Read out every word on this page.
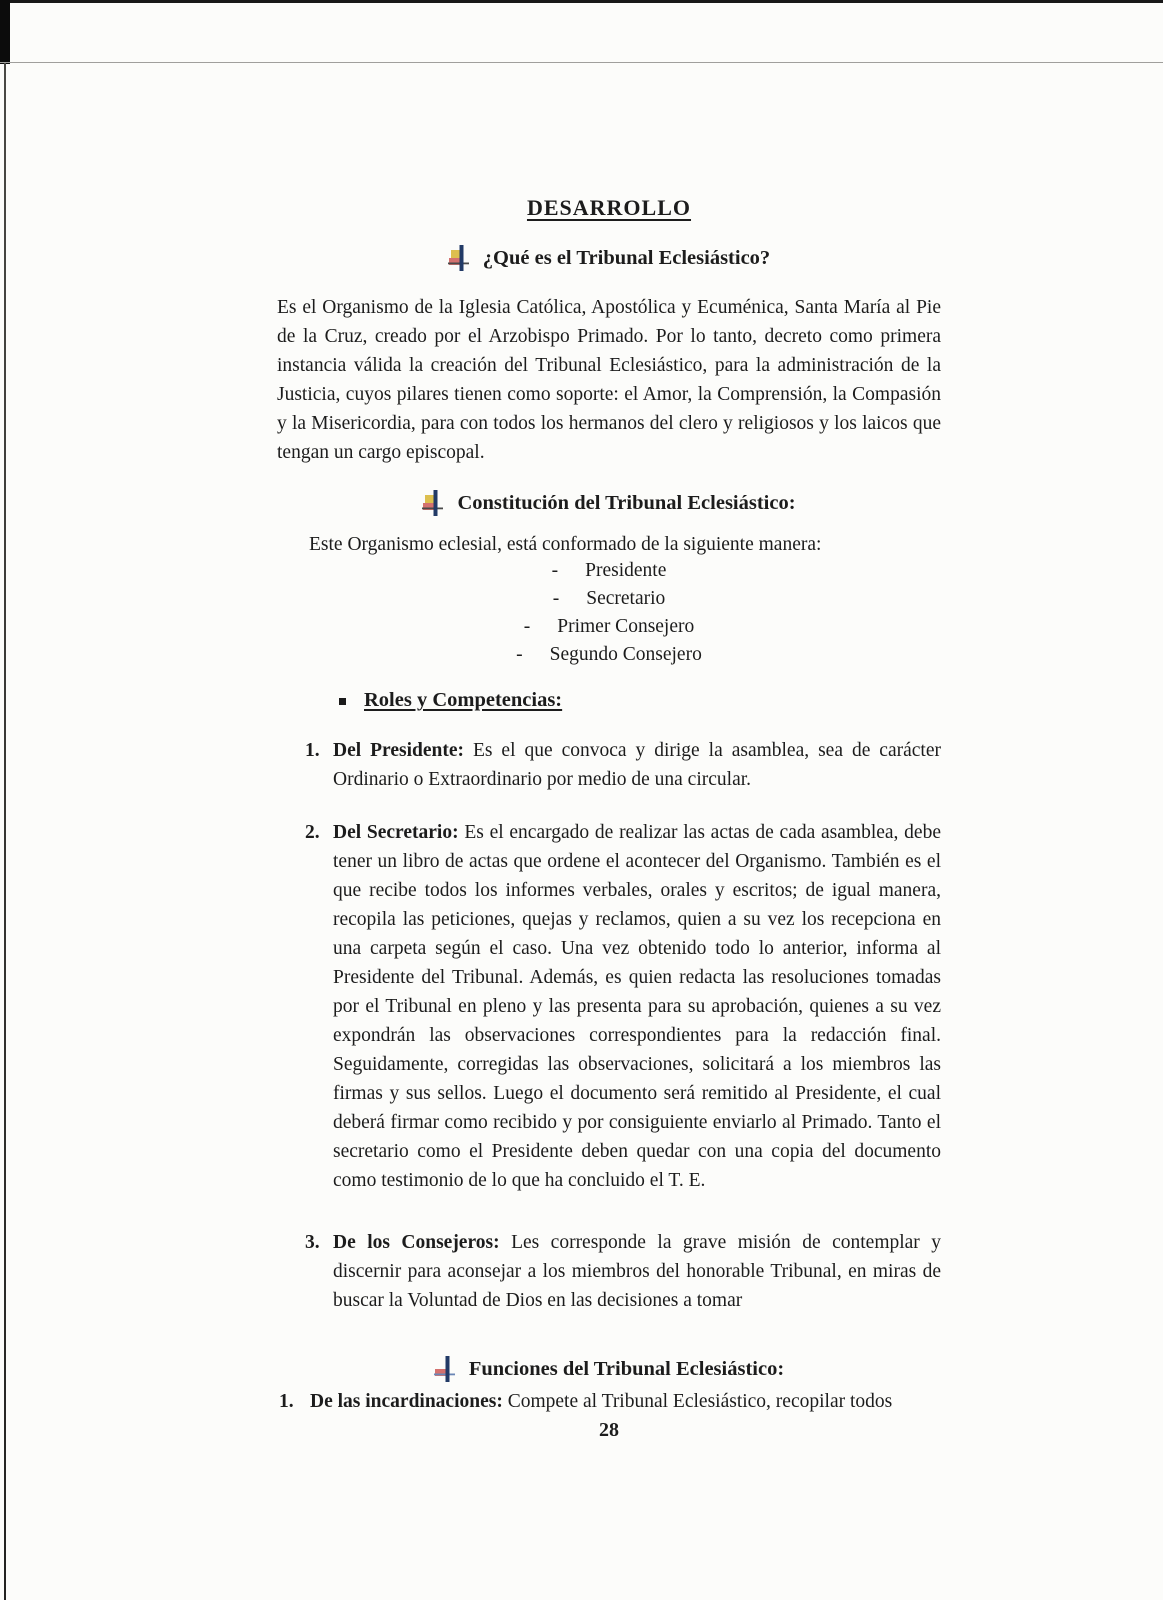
DESARROLLO
¿Qué es el Tribunal Eclesiástico?

Es el Organismo de la Iglesia Católica, Apostólica y Ecuménica, Santa María al Pie de la Cruz, creado por el Arzobispo Primado. Por lo tanto, decreto como primera instancia válida la creación del Tribunal Eclesiástico, para la administración de la Justicia, cuyos pilares tienen como soporte: el Amor, la Comprensión, la Compasión y la Misericordia, para con todos los hermanos del clero y religiosos y los laicos que tengan un cargo episcopal.

Constitución del Tribunal Eclesiástico:

Este Organismo eclesial, está conformado de la siguiente manera:

- Presidente
- Secretario
- Primer Consejero
- Segundo Consejero
Roles y Competencias:
1. Del Presidente: Es el que convoca y dirige la asamblea, sea de carácter Ordinario o Extraordinario por medio de una circular.
2. Del Secretario: Es el encargado de realizar las actas de cada asamblea, debe tener un libro de actas que ordene el acontecer del Organismo. También es el que recibe todos los informes verbales, orales y escritos; de igual manera, recopila las peticiones, quejas y reclamos, quien a su vez los recepciona en una carpeta según el caso. Una vez obtenido todo lo anterior, informa al Presidente del Tribunal. Además, es quien redacta las resoluciones tomadas por el Tribunal en pleno y las presenta para su aprobación, quienes a su vez expondrán las observaciones correspondientes para la redacción final. Seguidamente, corregidas las observaciones, solicitará a los miembros las firmas y sus sellos. Luego el documento será remitido al Presidente, el cual deberá firmar como recibido y por consiguiente enviarlo al Primado. Tanto el secretario como el Presidente deben quedar con una copia del documento como testimonio de lo que ha concluido el T. E.
3. De los Consejeros: Les corresponde la grave misión de contemplar y discernir para aconsejar a los miembros del honorable Tribunal, en miras de buscar la Voluntad de Dios en las decisiones a tomar
Funciones del Tribunal Eclesiástico:
1. De las incardinaciones: Compete al Tribunal Eclesiástico, recopilar todos
28
